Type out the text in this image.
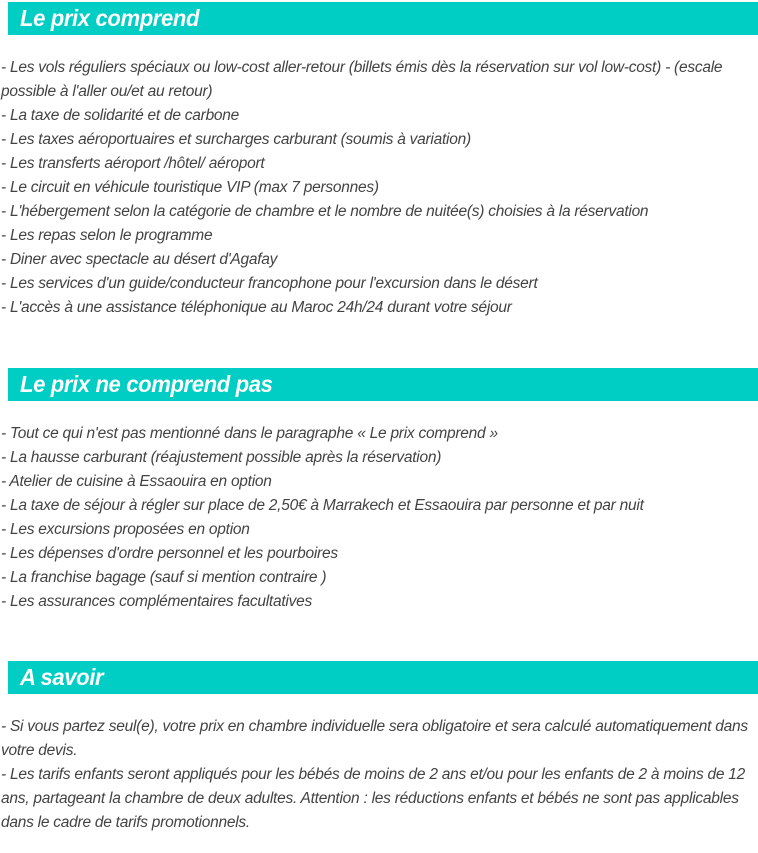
Le prix comprend

- Les vols réguliers spéciaux ou low-cost aller-retour (billets émis dès la réservation sur vol low-cost) - (escale possible à l'aller ou/et au retour)

- La taxe de solidarité et de carbone

- Les taxes aéroportuaires et surcharges carburant (soumis à variation)

- Les transferts aéroport /hôtel/ aéroport

- Le circuit en véhicule touristique VIP (max 7 personnes)

- L'hébergement selon la catégorie de chambre et le nombre de nuitée(s) choisies à la réservation

- Les repas selon le programme

- Diner avec spectacle au désert d'Agafay

- Les services d'un guide/conducteur francophone pour l'excursion dans le désert

- L'accès à une assistance téléphonique au Maroc 24h/24 durant votre séjour

Le prix ne comprend pas

- Tout ce qui n'est pas mentionné dans le paragraphe « Le prix comprend »

- La hausse carburant (réajustement possible après la réservation)

- Atelier de cuisine à Essaouira en option

- La taxe de séjour à régler sur place de 2,50€ à Marrakech et Essaouira par personne et par nuit

- Les excursions proposées en option

- Les dépenses d'ordre personnel et les pourboires

- La franchise bagage (sauf si mention contraire )

- Les assurances complémentaires facultatives

A savoir

- Si vous partez seul(e), votre prix en chambre individuelle sera obligatoire et sera calculé automatiquement dans votre devis.

- Les tarifs enfants seront appliqués pour les bébés de moins de 2 ans et/ou pour les enfants de 2 à moins de 12 ans, partageant la chambre de deux adultes. Attention : les réductions enfants et bébés ne sont pas applicables dans le cadre de tarifs promotionnels.
